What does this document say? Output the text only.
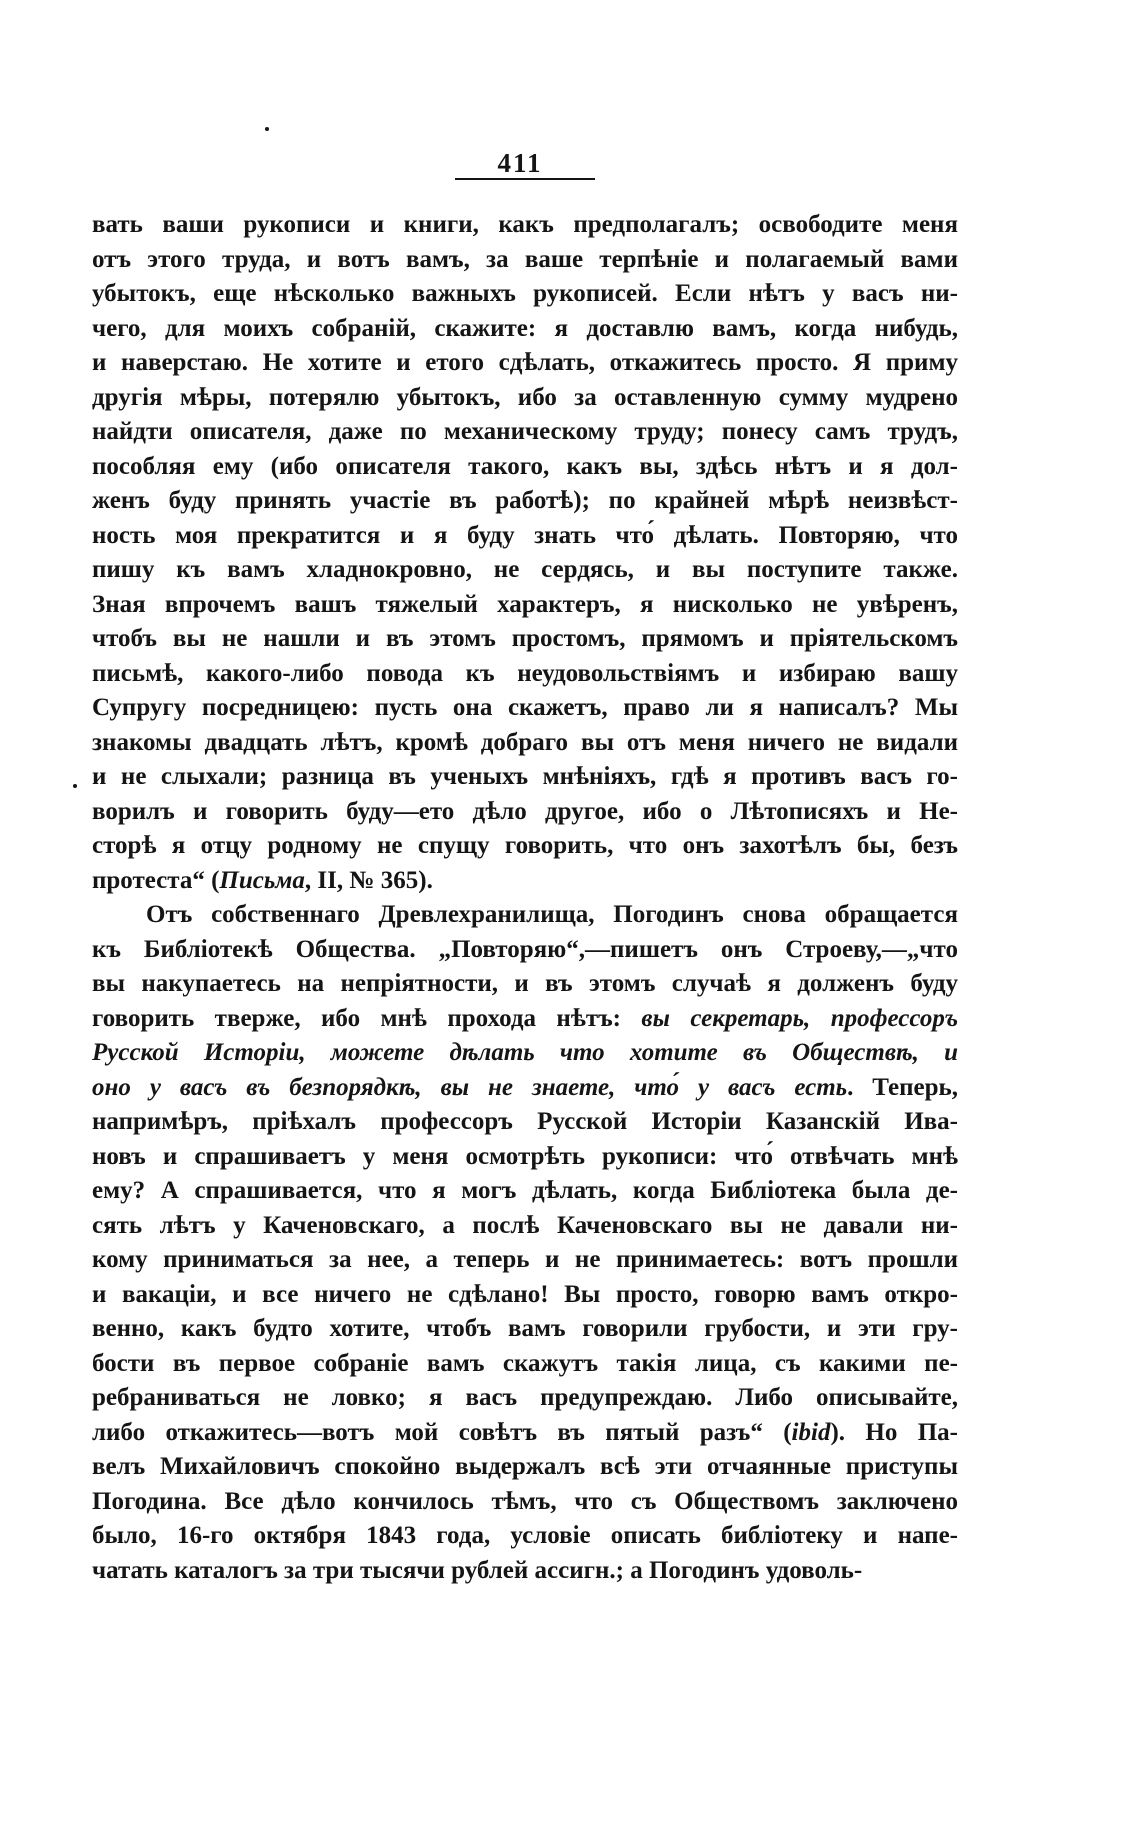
411
вать ваши рукописи и книги, какъ предполагалъ; освободите меня
отъ этого труда, и вотъ вамъ, за ваше терпѣніе и полагаемый вами
убытокъ, еще нѣсколько важныхъ рукописей. Если нѣтъ у васъ ни-
чего, для моихъ собраній, скажите: я доставлю вамъ, когда нибудь,
и наверстаю. Не хотите и етого сдѣлать, откажитесь просто. Я приму
другія мѣры, потерялю убытокъ, ибо за оставленную сумму мудрено
найдти описателя, даже по механическому труду; понесу самъ трудъ,
пособляя ему (ибо описателя такого, какъ вы, здѣсь нѣтъ и я дол-
женъ буду принять участіе въ работѣ); по крайней мѣрѣ неизвѣст-
ность моя прекратится и я буду знать что́ дѣлать. Повторяю, что
пишу къ вамъ хладнокровно, не сердясь, и вы поступите также.
Зная впрочемъ вашъ тяжелый характеръ, я нисколько не увѣренъ,
чтобъ вы не нашли и въ этомъ простомъ, прямомъ и пріятельскомъ
письмѣ, какого-либо повода къ неудовольствіямъ и избираю вашу
Супругу посредницею: пусть она скажетъ, право ли я написалъ? Мы
знакомы двадцать лѣтъ, кромѣ добраго вы отъ меня ничего не видали
и не слыхали; разница въ ученыхъ мнѣніяхъ, гдѣ я противъ васъ го-
ворилъ и говорить буду—ето дѣло другое, ибо о Лѣтописяхъ и Не-
сторѣ я отцу родному не спущу говорить, что онъ захотѣлъ бы, безъ
протеста“ (Письма, II, № 365).
Отъ собственнаго Древлехранилища, Погодинъ снова обращается
къ Библіотекѣ Общества. „Повторяю“,—пишетъ онъ Строеву,—„что
вы накупаетесь на непріятности, и въ этомъ случаѣ я долженъ буду
говорить тверже, ибо мнѣ прохода нѣтъ: вы секретарь, профессоръ
Русской Исторіи, можете дѣлать что хотите въ Обществѣ, и
оно у васъ въ безпорядкѣ, вы не знаете, что́ у васъ есть. Теперь,
напримѣръ, пріѣхалъ профессоръ Русской Исторіи Казанскій Ива-
новъ и спрашиваетъ у меня осмотрѣть рукописи: что́ отвѣчать мнѣ
ему? А спрашивается, что я могъ дѣлать, когда Библіотека была де-
сять лѣтъ у Каченовскаго, а послѣ Каченовскаго вы не давали ни-
кому приниматься за нее, а теперь и не принимаетесь: вотъ прошли
и вакаціи, и все ничего не сдѣлано! Вы просто, говорю вамъ откро-
венно, какъ будто хотите, чтобъ вамъ говорили грубости, и эти гру-
бости въ первое собраніе вамъ скажутъ такія лица, съ какими пе-
ребраниваться не ловко; я васъ предупреждаю. Либо описывайте,
либо откажитесь—вотъ мой совѣтъ въ пятый разъ“ (ibid). Но Па-
велъ Михайловичъ спокойно выдержалъ всѣ эти отчаянные приступы
Погодина. Все дѣло кончилось тѣмъ, что съ Обществомъ заключено
было, 16-го октября 1843 года, условіе описать библіотеку и напе-
чатать каталогъ за три тысячи рублей ассигн.; а Погодинъ удоволь-
